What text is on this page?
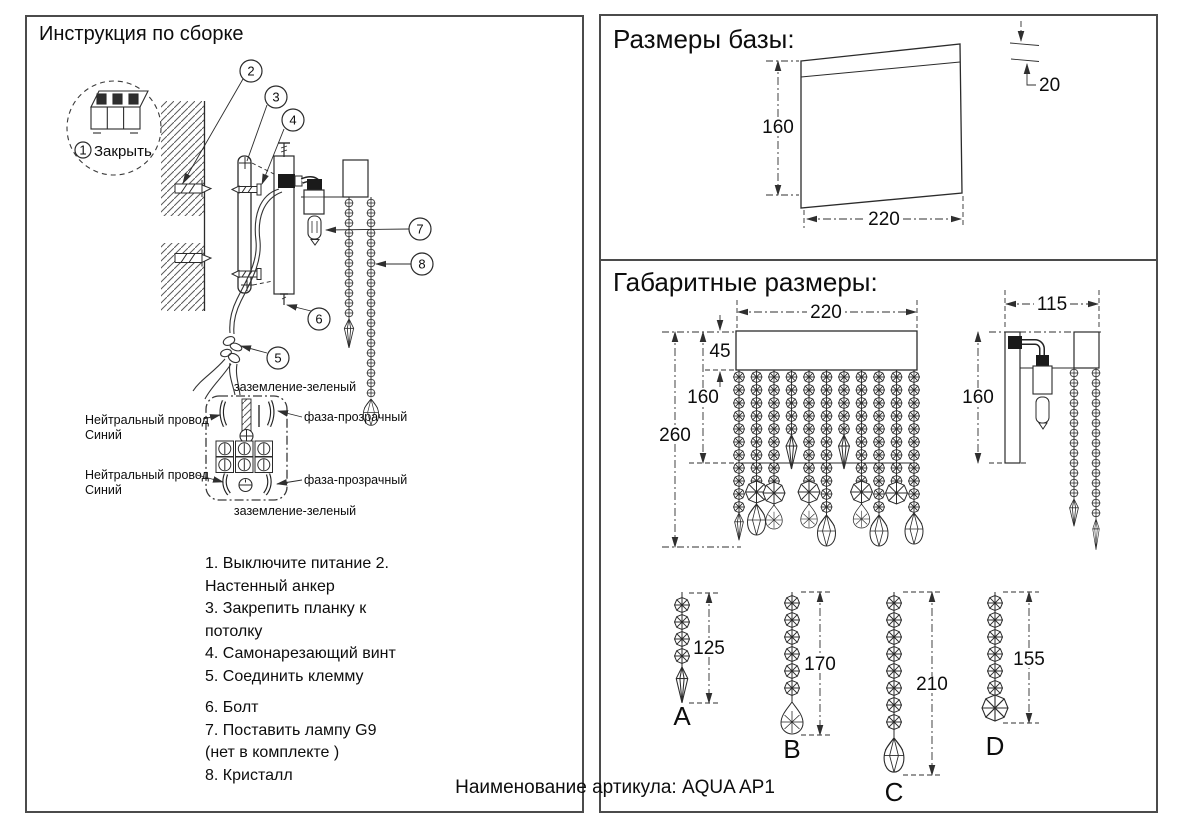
Инструкция по сборке
1 Закрыть
2
3
4
7
8
6
5
заземление-зеленый
Нейтральный провод
Синий
фаза-прозрачный
Нейтральный провод
Синий
фаза-прозрачный
заземление-зеленый
1. Выключите питание 2.
Настенный анкер
3. Закрепить планку к
потолку
4. Самонарезающий винт
5. Соединить клемму
6. Болт
7. Поставить лампу G9
(нет в комплекте )
8. Кристалл
Размеры базы:
160
220
20
Габаритные размеры:
220
45
160
260
115
160
A
125
B
170
C
210
D
155
Наименование артикула: AQUA AP1
